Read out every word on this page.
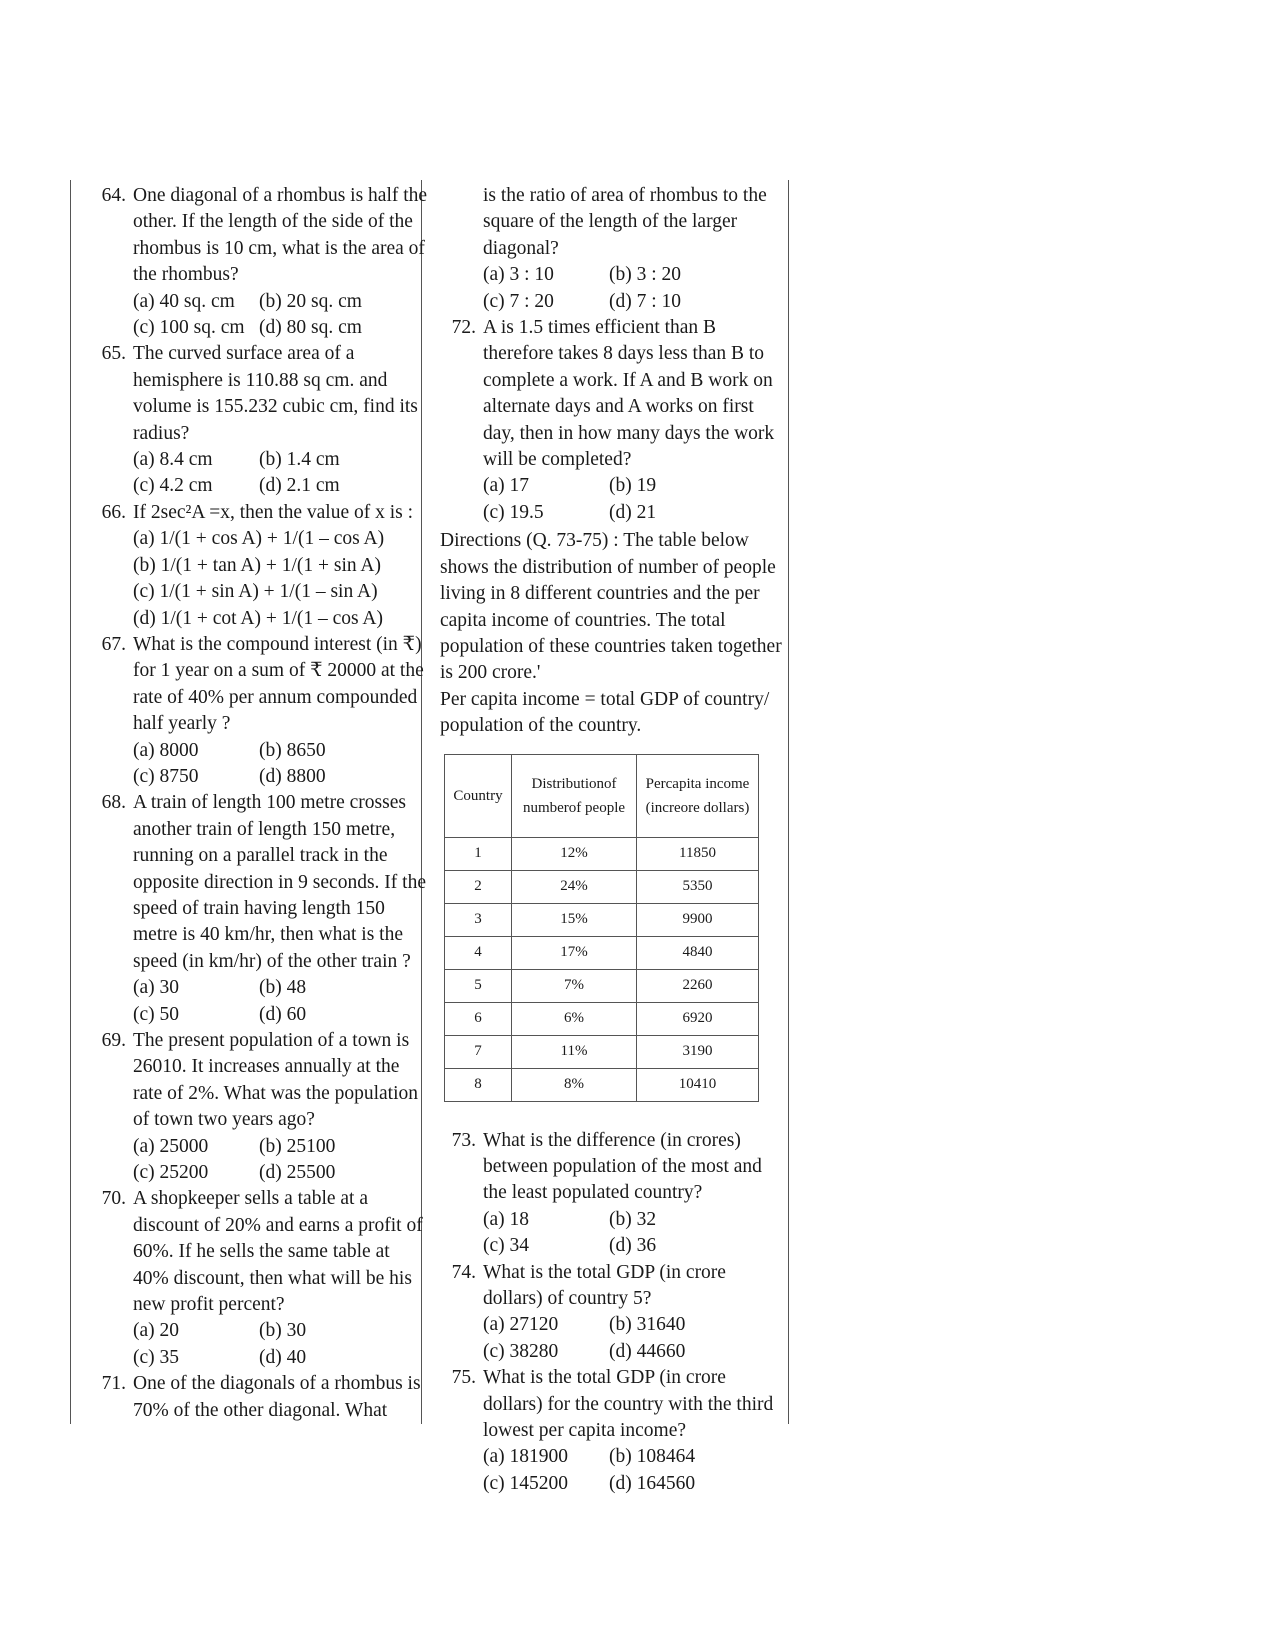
64. One diagonal of a rhombus is half the other. If the length of the side of the rhombus is 10 cm, what is the area of the rhombus?
(a) 40 sq. cm	(b) 20 sq. cm
(c) 100 sq. cm (d) 80 sq. cm
65. The curved surface area of a hemisphere is 110.88 sq cm. and volume is 155.232 cubic cm, find its radius?
(a) 8.4 cm	(b) 1.4 cm
(c) 4.2 cm	(d) 2.1 cm
66. If 2sec²A =x, then the value of x is :
(a) 1/(1 + cos A) + 1/(1 – cos A)
(b) 1/(1 + tan A) + 1/(1 + sin A)
(c) 1/(1 + sin A) + 1/(1 – sin A)
(d) 1/(1 + cot A) + 1/(1 – cos A)
67. What is the compound interest (in ₹) for 1 year on a sum of ₹ 20000 at the rate of 40% per annum compounded half yearly ?
(a) 8000	(b) 8650
(c) 8750	(d) 8800
68. A train of length 100 metre crosses another train of length 150 metre, running on a parallel track in the opposite direction in 9 seconds. If the speed of train having length 150 metre is 40 km/hr, then what is the speed (in km/hr) of the other train ?
(a) 30	(b) 48
(c) 50	(d) 60
69. The present population of a town is 26010. It increases annually at the rate of 2%. What was the population of town two years ago?
(a) 25000	(b) 25100
(c) 25200	(d) 25500
70. A shopkeeper sells a table at a discount of 20% and earns a profit of 60%. If he sells the same table at 40% discount, then what will be his new profit percent?
(a) 20	(b) 30
(c) 35	(d) 40
71. One of the diagonals of a rhombus is 70% of the other diagonal. What
is the ratio of area of rhombus to the square of the length of the larger diagonal?
(a) 3 : 10	(b) 3 : 20
(c) 7 : 20	(d) 7 : 10
72. A is 1.5 times efficient than B therefore takes 8 days less than B to complete a work. If A and B work on alternate days and A works on first day, then in how many days the work will be completed?
(a) 17	(b) 19
(c) 19.5	(d) 21
Directions (Q. 73-75) : The table below shows the distribution of number of people living in 8 different countries and the per capita income of countries. The total population of these countries taken together is 200 crore.'
Per capita income = total GDP of country/ population of the country.
Country	Distributionof numberof people	Percapita income (increore dollars)
1	12%	11850
2	24%	5350
3	15%	9900
4	17%	4840
5	7%	2260
6	6%	6920
7	11%	3190
8	8%	10410
73. What is the difference (in crores) between population of the most and the least populated country?
(a) 18	(b) 32
(c) 34	(d) 36
74. What is the total GDP (in crore dollars) of country 5?
(a) 27120	(b) 31640
(c) 38280	(d) 44660
75. What is the total GDP (in crore dollars) for the country with the third lowest per capita income?
(a) 181900	(b) 108464
(c) 145200	(d) 164560
